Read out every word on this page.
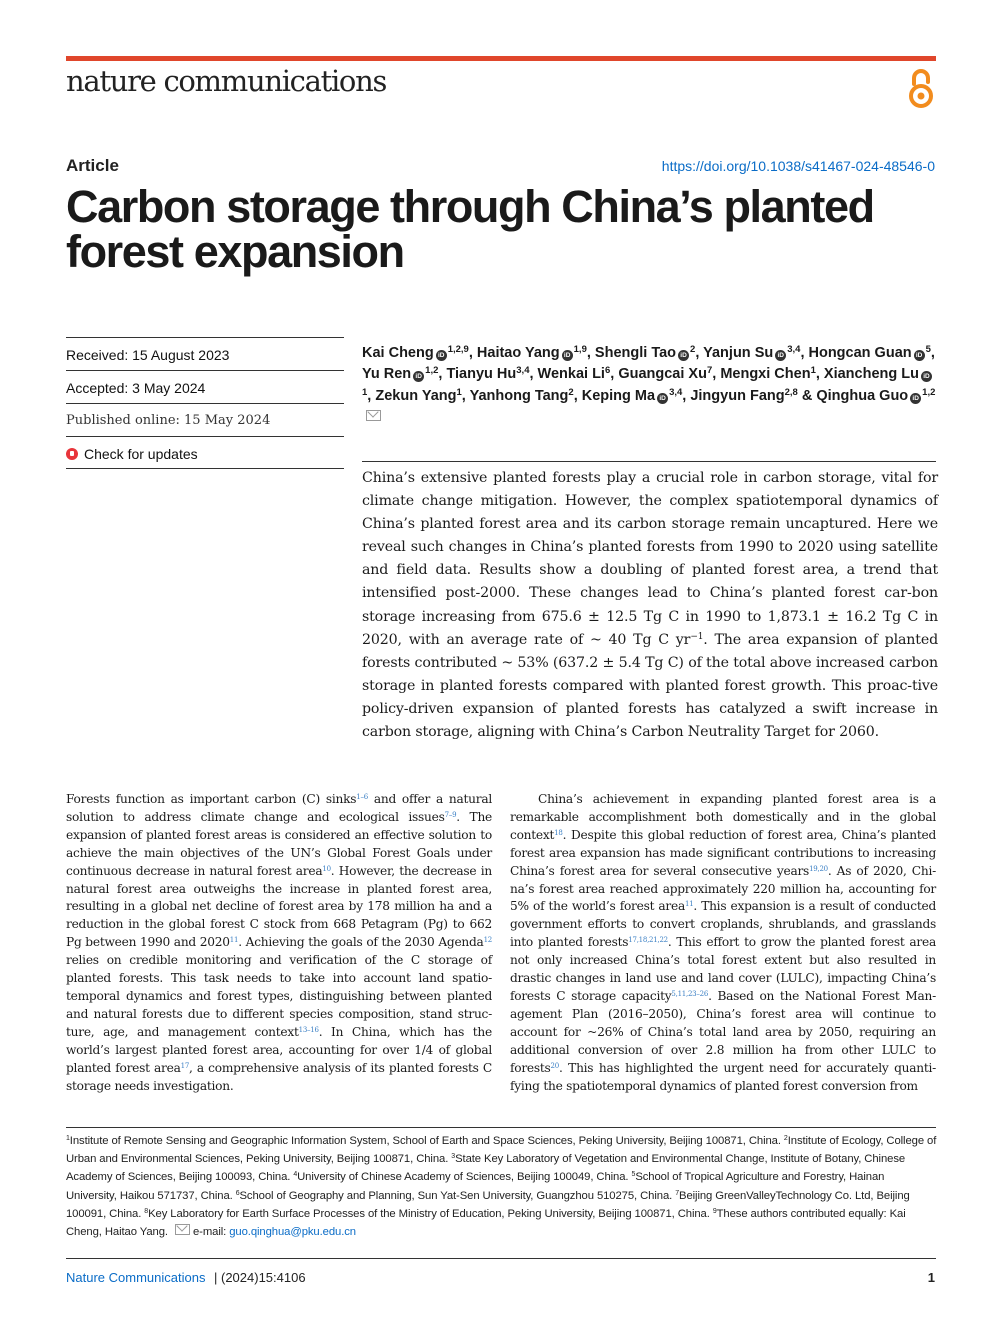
nature communications
Article	https://doi.org/10.1038/s41467-024-48546-0
Carbon storage through China’s planted
forest expansion
Received: 15 August 2023
Accepted: 3 May 2024
Published online: 15 May 2024
Check for updates
Kai Cheng iD$^{1,2,9}$, Haitao Yang iD$^{1,9}$, Shengli Tao $iD^2$, Yanjun Su iD$^{3,4}$, Hongcan Guan $iD^5$, Yu Ren iD$^{1,2}$, Tianyu Hu$^{3,4}$, Wenkai Li$^6$, Guangcai Xu$^7$, Mengxi Chen$^1$, Xiancheng Lu $iD^1$, Zekun Yang$^1$, Yanhong Tang$^2$, Keping Ma iD$^{3,4}$, Jingyun Fang$^{2,8}$ & Qinghua Guo iD$^{1,2}$

China’s extensive planted forests play a crucial role in carbon storage, vital for climate change mitigation. However, the complex spatiotemporal dynamics of China’s planted forest area and its carbon storage remain uncaptured. Here we reveal such changes in China’s planted forests from 1990 to 2020 using satellite and field data. Results show a doubling of planted forest area, a trend that intensified post-2000. These changes lead to China’s planted forest car-bon storage increasing from 675.6 ± 12.5 Tg C in 1990 to 1,873.1 ± 16.2 Tg C in 2020, with an average rate of ~ 40 Tg C $yr^{-1}$. The area expansion of planted forests contributed ~ 53% (637.2 ± 5.4 Tg C) of the total above increased carbon storage in planted forests compared with planted forest growth. This proac-tive policy-driven expansion of planted forests has catalyzed a swift increase in carbon storage, aligning with China’s Carbon Neutrality Target for 2060.

Forests function as important carbon (C) sinks$^{1-6}$ and offer a natural solution to address climate change and ecological issues$^{7-9}$. The expansion of planted forest areas is considered an effective solution to achieve the main objectives of the UN’s Global Forest Goals under continuous decrease in natural forest area$^{10}$. However, the decrease in natural forest area outweighs the increase in planted forest area, resulting in a global net decline of forest area by 178 million ha and a reduction in the global forest C stock from 668 Petagram (Pg) to 662 Pg between 1990 and 2020$^{11}$. Achieving the goals of the 2030 Agenda$^{12}$ relies on credible monitoring and verification of the C storage of planted forests. This task needs to take into account land spatio-temporal dynamics and forest types, distinguishing between planted and natural forests due to different species composition, stand struc-ture, age, and management context$^{13-16}$. In China, which has the world’s largest planted forest area, accounting for over 1/4 of global planted forest area$^{17}$, a comprehensive analysis of its planted forests C storage needs investigation.

China’s achievement in expanding planted forest area is a remarkable accomplishment both domestically and in the global context$^{18}$. Despite this global reduction of forest area, China’s planted forest area expansion has made significant contributions to increasing China’s forest area for several consecutive years$^{19,20}$. As of 2020, Chi-na’s forest area reached approximately 220 million ha, accounting for 5% of the world’s forest area$^{11}$. This expansion is a result of conducted government efforts to convert croplands, shrublands, and grasslands into planted forests$^{17,18,21,22}$. This effort to grow the planted forest area not only increased China’s total forest extent but also resulted in drastic changes in land use and land cover (LULC), impacting China’s forests C storage capacity$^{5,11,23-26}$. Based on the National Forest Man-agement Plan (2016–2050), China’s forest area will continue to account for ~26% of China’s total land area by 2050, requiring an additional conversion of over 2.8 million ha from other LULC to forests$^{20}$. This has highlighted the urgent need for accurately quanti-fying the spatiotemporal dynamics of planted forest conversion from

$^1$Institute of Remote Sensing and Geographic Information System, School of Earth and Space Sciences, Peking University, Beijing 100871, China. $^2$Institute of Ecology, College of Urban and Environmental Sciences, Peking University, Beijing 100871, China. $^3$State Key Laboratory of Vegetation and Environmental Change, Institute of Botany, Chinese Academy of Sciences, Beijing 100093, China. $^4$University of Chinese Academy of Sciences, Beijing 100049, China. $^5$School of Tropical Agriculture and Forestry, Hainan University, Haikou 571737, China. $^6$School of Geography and Planning, Sun Yat-Sen University, Guangzhou 510275, China. $^7$Beijing GreenValleyTechnology Co. Ltd, Beijing 100091, China. $^8$Key Laboratory for Earth Surface Processes of the Ministry of Education, Peking University, Beijing 100871, China. $^9$These authors contributed equally: Kai Cheng, Haitao Yang. e-mail: guo.qinghua@pku.edu.cn

Nature Communications | (2024)15:4106	1
